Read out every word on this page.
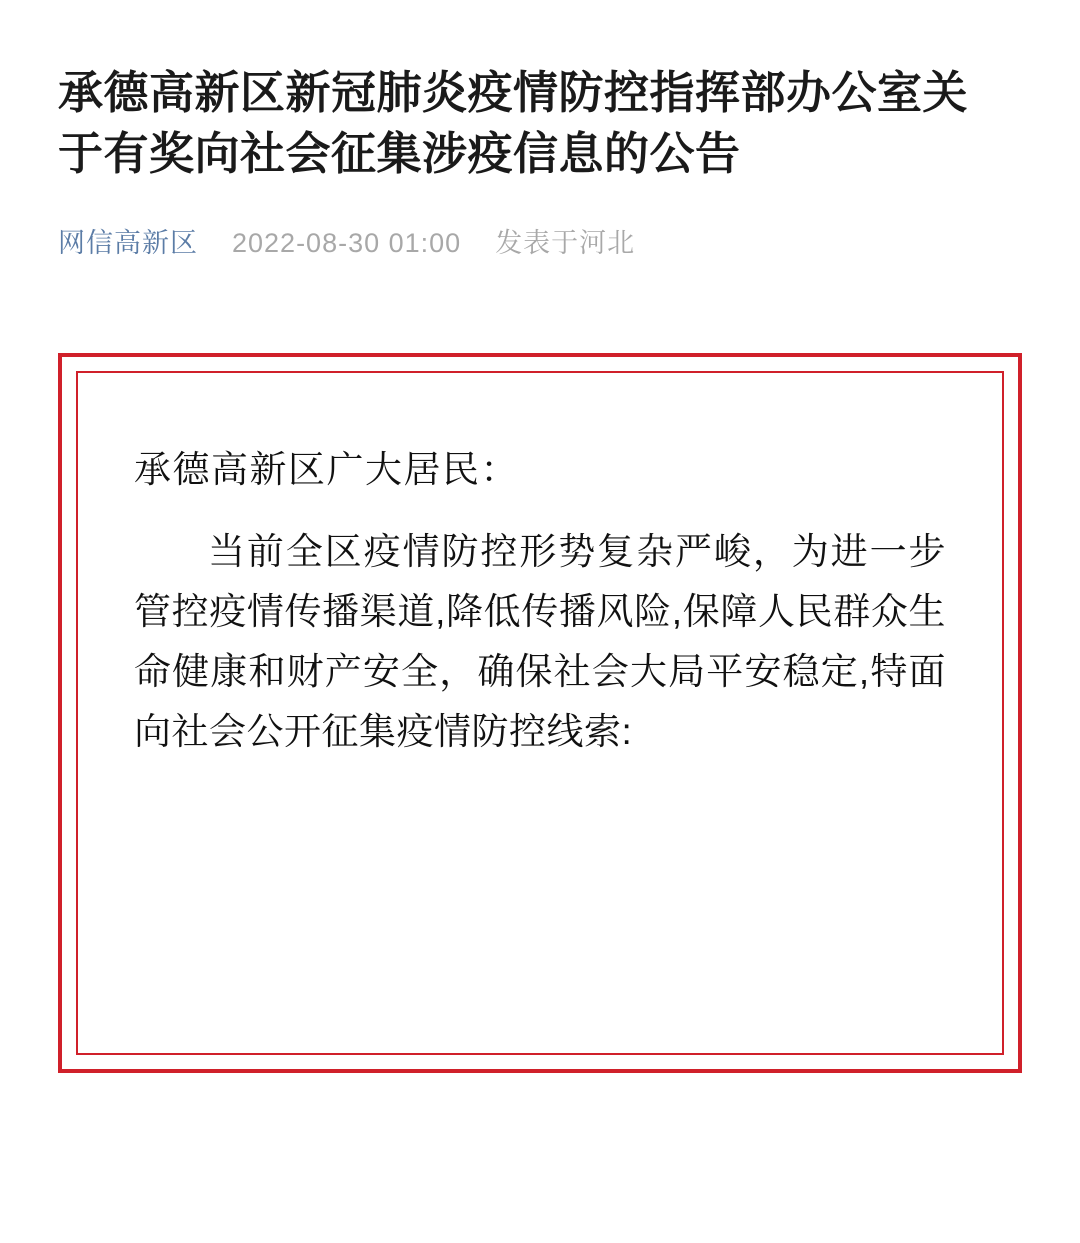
承德高新区新冠肺炎疫情防控指挥部办公室关于有奖向社会征集涉疫信息的公告
网信高新区 2022-08-30 01:00 发表于河北

承德高新区广大居民：

当前全区疫情防控形势复杂严峻，为进一步管控疫情传播渠道,降低传播风险,保障人民群众生命健康和财产安全，确保社会大局平安稳定,特面向社会公开征集疫情防控线索:
